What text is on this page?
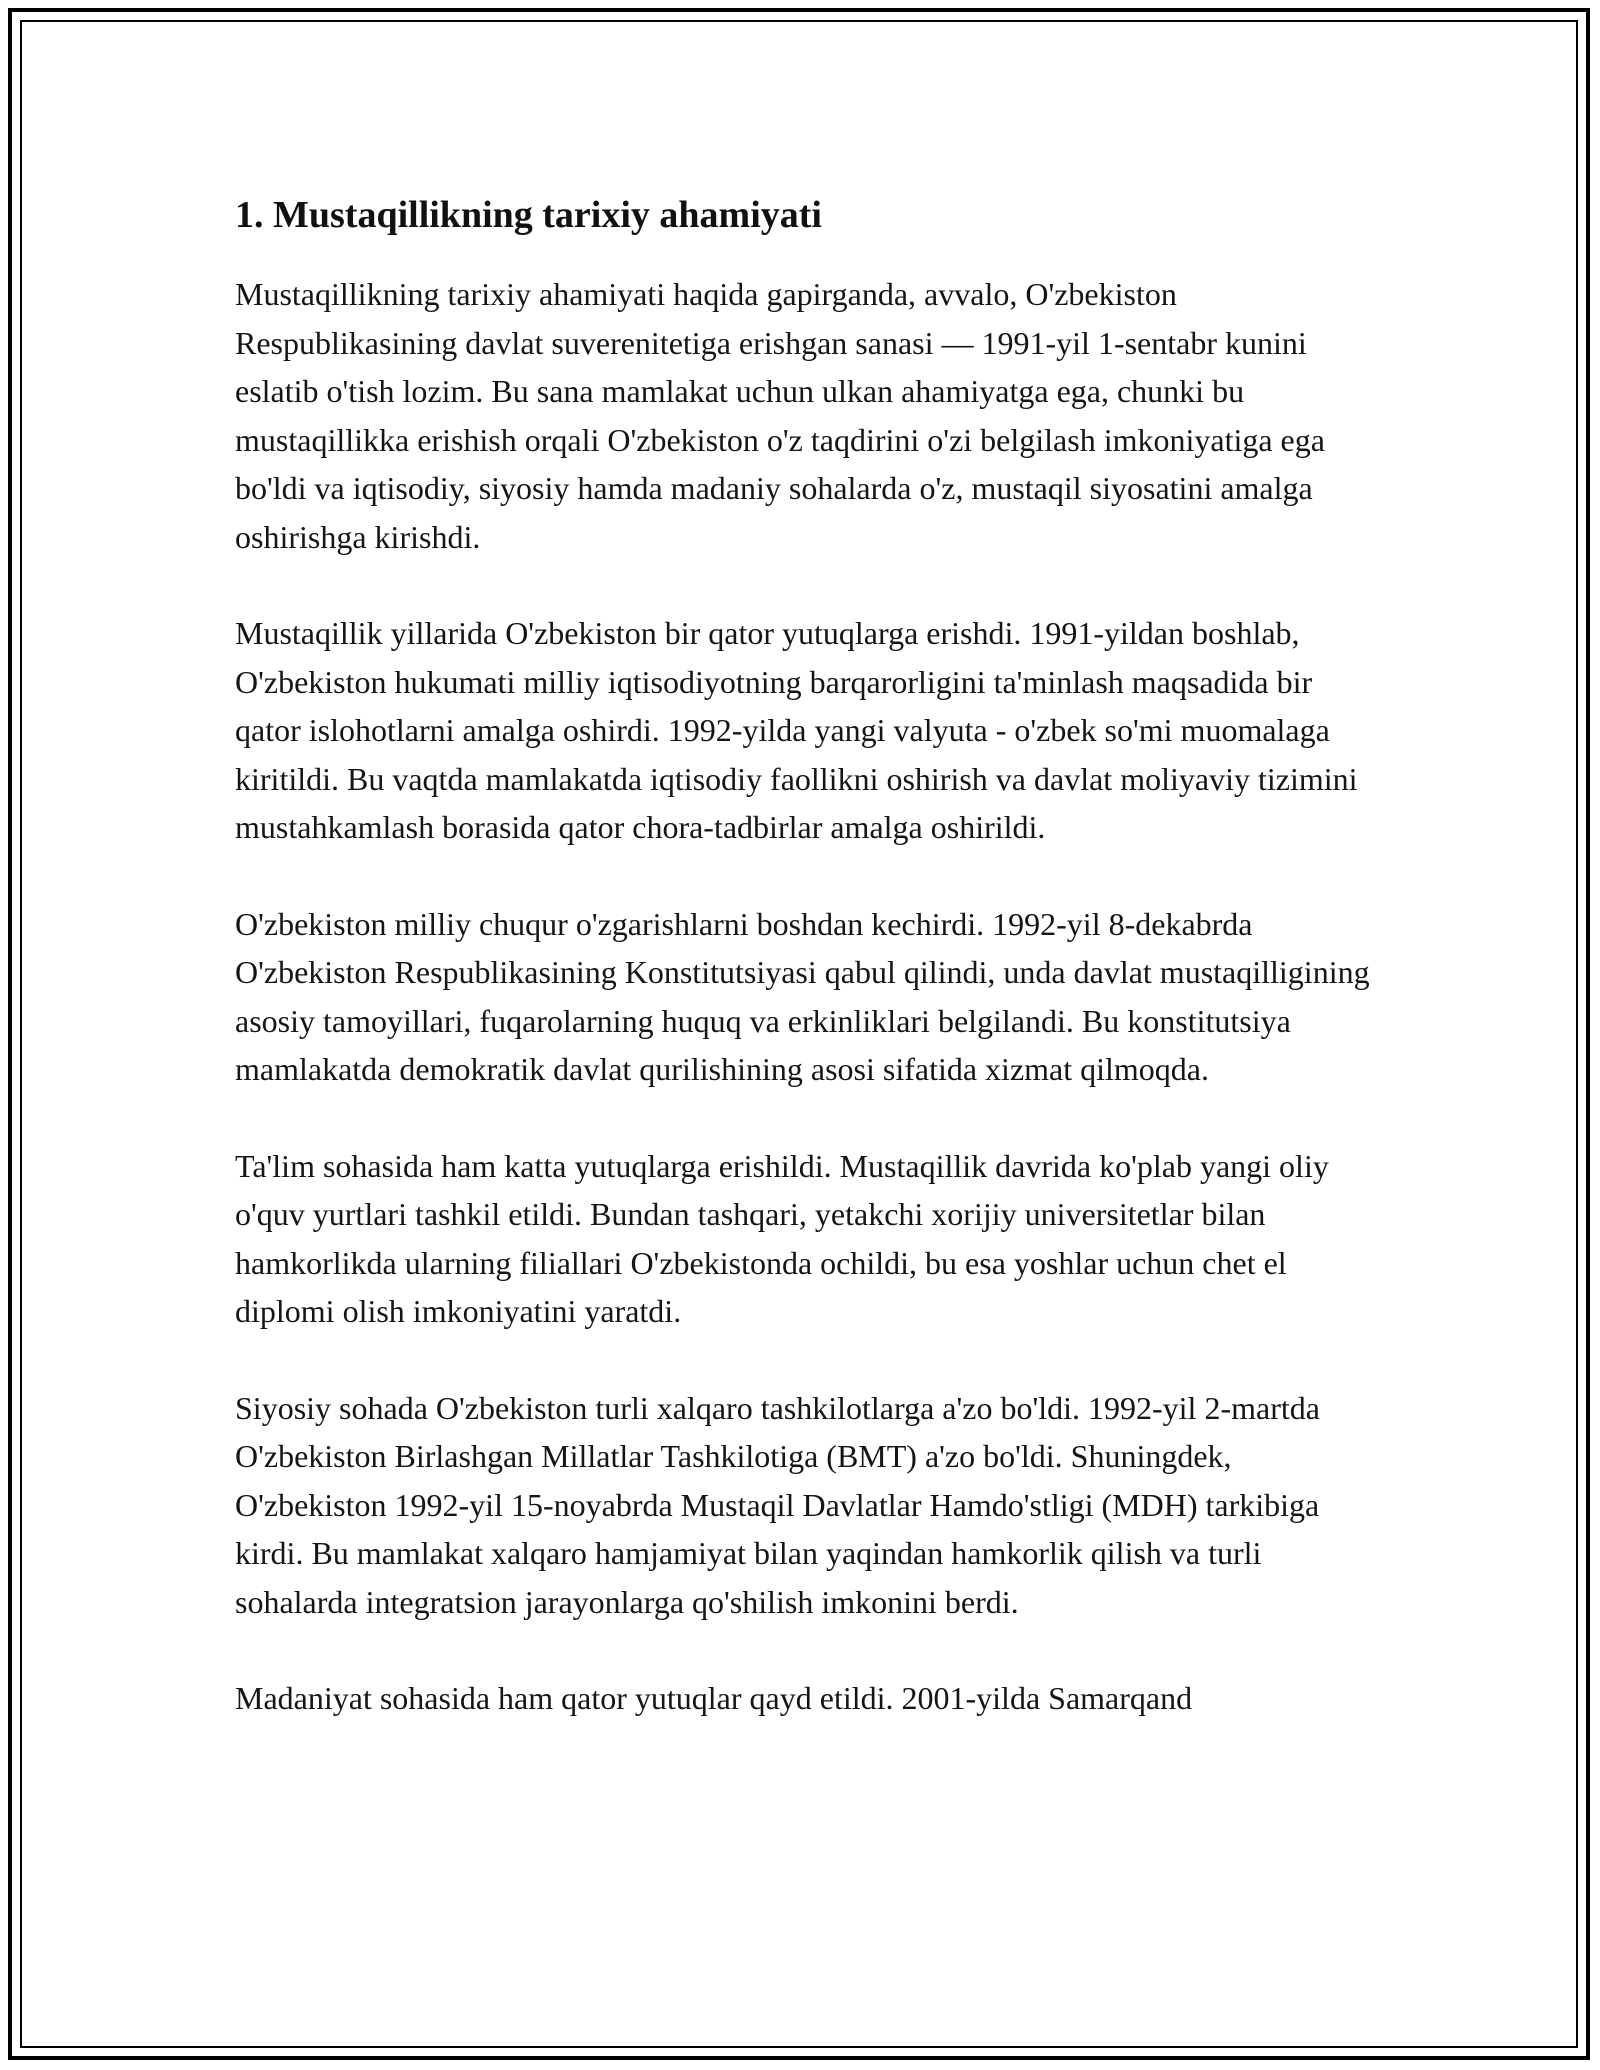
1. Mustaqillikning tarixiy ahamiyati

Mustaqillikning tarixiy ahamiyati haqida gapirganda, avvalo, O'zbekiston Respublikasining davlat suverenitetiga erishgan sanasi — 1991-yil 1-sentabr kunini eslatib o'tish lozim. Bu sana mamlakat uchun ulkan ahamiyatga ega, chunki bu mustaqillikka erishish orqali O'zbekiston o'z taqdirini o'zi belgilash imkoniyatiga ega bo'ldi va iqtisodiy, siyosiy hamda madaniy sohalarda o'z, mustaqil siyosatini amalga oshirishga kirishdi.

Mustaqillik yillarida O'zbekiston bir qator yutuqlarga erishdi. 1991-yildan boshlab, O'zbekiston hukumati milliy iqtisodiyotning barqarorligini ta'minlash maqsadida bir qator islohotlarni amalga oshirdi. 1992-yilda yangi valyuta - o'zbek so'mi muomalaga kiritildi. Bu vaqtda mamlakatda iqtisodiy faollikni oshirish va davlat moliyaviy tizimini mustahkamlash borasida qator chora-tadbirlar amalga oshirildi.

O'zbekiston milliy chuqur o'zgarishlarni boshdan kechirdi. 1992-yil 8-dekabrda O'zbekiston Respublikasining Konstitutsiyasi qabul qilindi, unda davlat mustaqilligining asosiy tamoyillari, fuqarolarning huquq va erkinliklari belgilandi. Bu konstitutsiya mamlakatda demokratik davlat qurilishining asosi sifatida xizmat qilmoqda.

Ta'lim sohasida ham katta yutuqlarga erishildi. Mustaqillik davrida ko'plab yangi oliy o'quv yurtlari tashkil etildi. Bundan tashqari, yetakchi xorijiy universitetlar bilan hamkorlikda ularning filiallari O'zbekistonda ochildi, bu esa yoshlar uchun chet el diplomi olish imkoniyatini yaratdi.

Siyosiy sohada O'zbekiston turli xalqaro tashkilotlarga a'zo bo'ldi. 1992-yil 2-martda O'zbekiston Birlashgan Millatlar Tashkilotiga (BMT) a'zo bo'ldi. Shuningdek, O'zbekiston 1992-yil 15-noyabrda Mustaqil Davlatlar Hamdo'stligi (MDH) tarkibiga kirdi. Bu mamlakat xalqaro hamjamiyat bilan yaqindan hamkorlik qilish va turli sohalarda integratsion jarayonlarga qo'shilish imkonini berdi.

Madaniyat sohasida ham qator yutuqlar qayd etildi. 2001-yilda Samarqand
